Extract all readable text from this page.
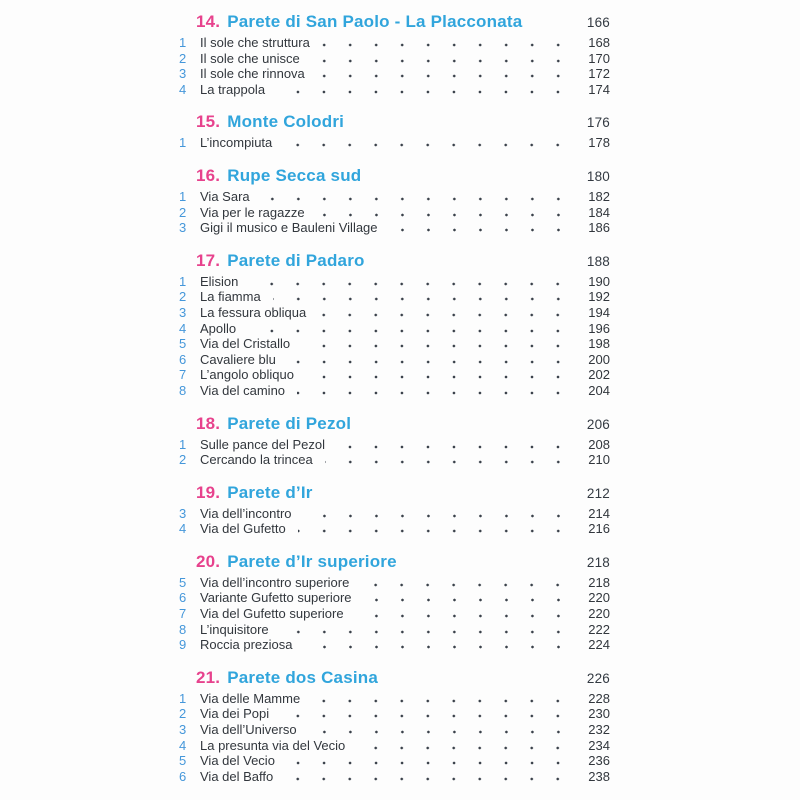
14. Parete di San Paolo - La Placconata	166
1	Il sole che struttura	168
2	Il sole che unisce	170
3	Il sole che rinnova	172
4	La trappola	174
15. Monte Colodri	176
1	L’incompiuta	178
16. Rupe Secca sud	180
1	Via Sara	182
2	Via per le ragazze	184
3	Gigi il musico e Bauleni Village	186
17. Parete di Padaro	188
1	Elision	190
2	La fiamma	192
3	La fessura obliqua	194
4	Apollo	196
5	Via del Cristallo	198
6	Cavaliere blu	200
7	L’angolo obliquo	202
8	Via del camino	204
18. Parete di Pezol	206
1	Sulle pance del Pezol	208
2	Cercando la trincea	210
19. Parete d’Ir	212
3	Via dell’incontro	214
4	Via del Gufetto	216
20. Parete d’Ir superiore	218
5	Via dell’incontro superiore	218
6	Variante Gufetto superiore	220
7	Via del Gufetto superiore	220
8	L’inquisitore	222
9	Roccia preziosa	224
21. Parete dos Casina	226
1	Via delle Mamme	228
2	Via dei Popi	230
3	Via dell’Universo	232
4	La presunta via del Vecio	234
5	Via del Vecio	236
6	Via del Baffo	238
